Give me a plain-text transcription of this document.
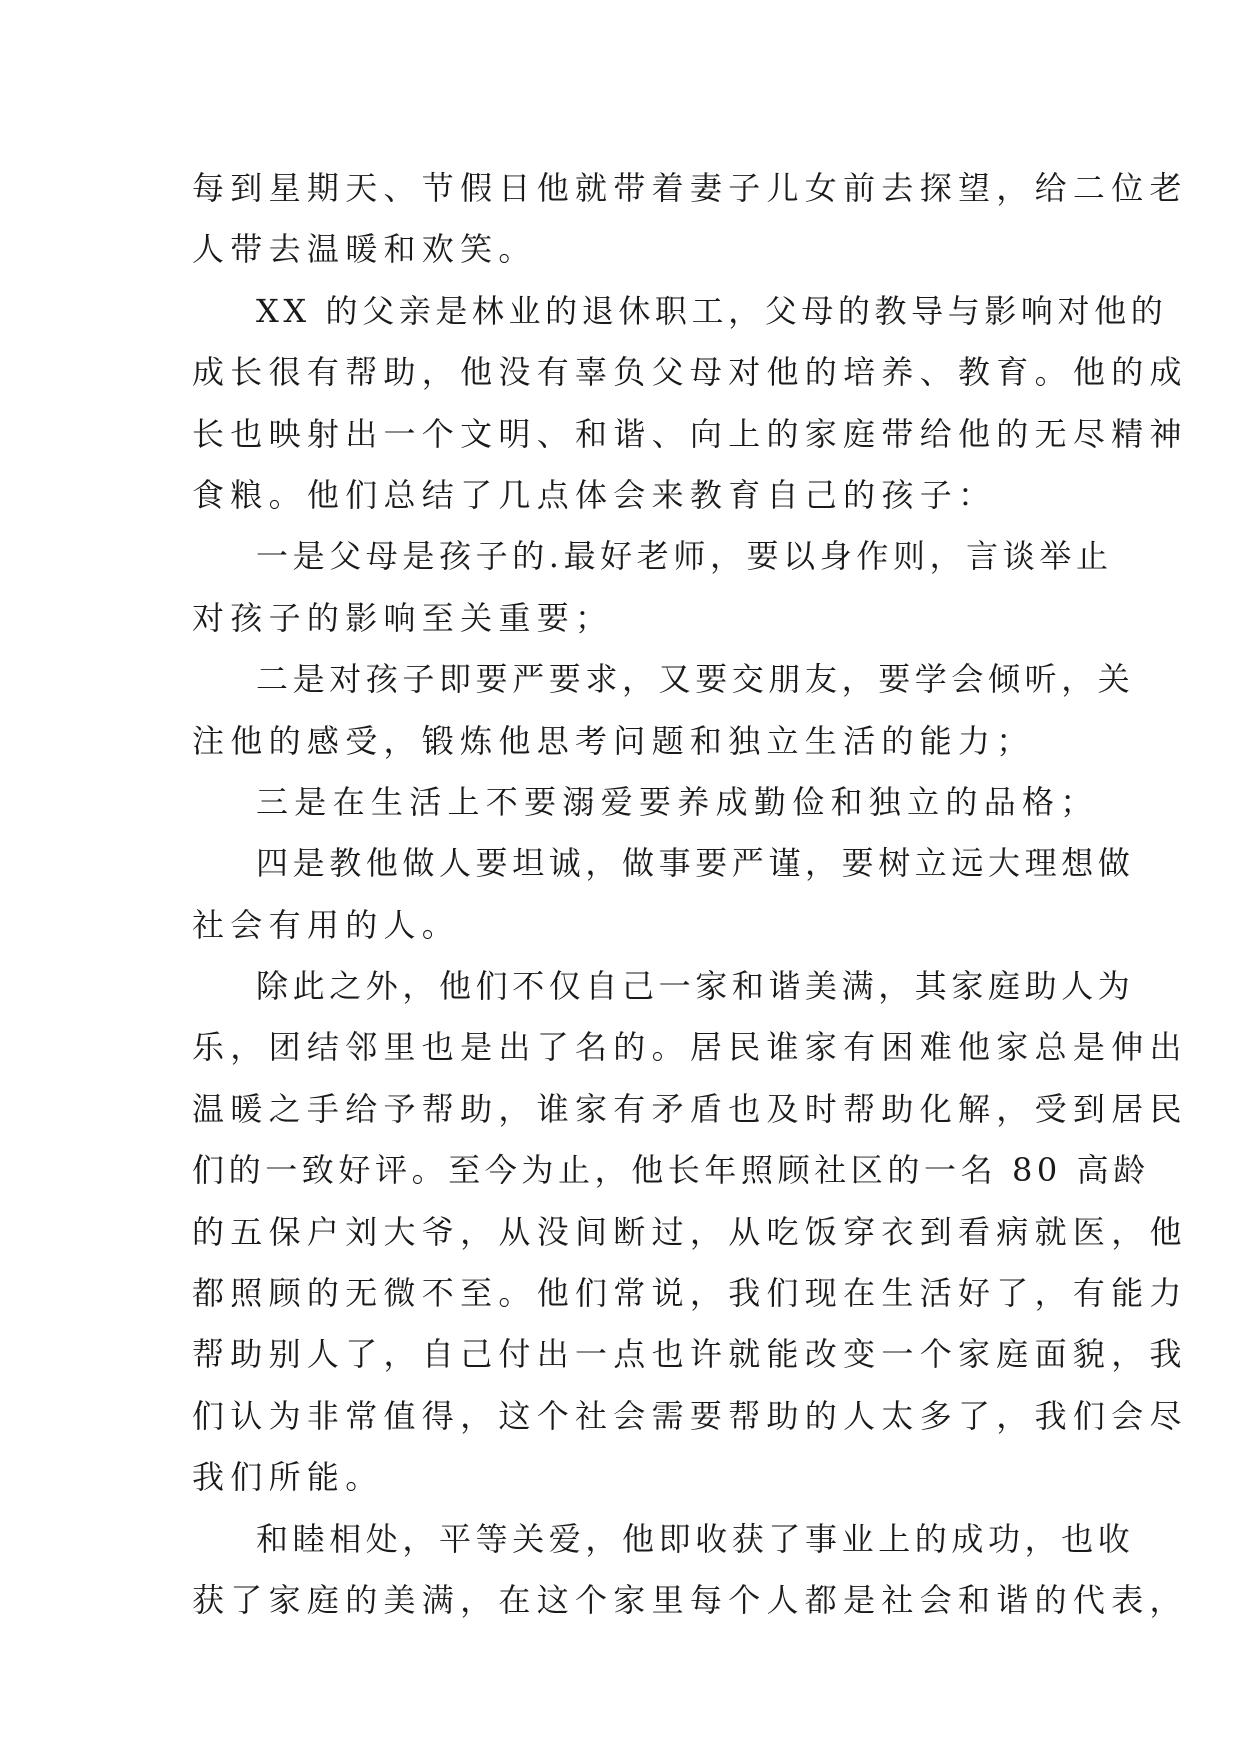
每到星期天、节假日他就带着妻子儿女前去探望，给二位老
人带去温暖和欢笑。
XX 的父亲是林业的退休职工，父母的教导与影响对他的
成长很有帮助，他没有辜负父母对他的培养、教育。他的成
长也映射出一个文明、和谐、向上的家庭带给他的无尽精神
食粮。他们总结了几点体会来教育自己的孩子：
一是父母是孩子的.最好老师，要以身作则，言谈举止
对孩子的影响至关重要；
二是对孩子即要严要求，又要交朋友，要学会倾听，关
注他的感受，锻炼他思考问题和独立生活的能力；
三是在生活上不要溺爱要养成勤俭和独立的品格；
四是教他做人要坦诚，做事要严谨，要树立远大理想做
社会有用的人。
除此之外，他们不仅自己一家和谐美满，其家庭助人为
乐，团结邻里也是出了名的。居民谁家有困难他家总是伸出
温暖之手给予帮助，谁家有矛盾也及时帮助化解，受到居民
们的一致好评。至今为止，他长年照顾社区的一名 80 高龄
的五保户刘大爷，从没间断过，从吃饭穿衣到看病就医，他
都照顾的无微不至。他们常说，我们现在生活好了，有能力
帮助别人了，自己付出一点也许就能改变一个家庭面貌，我
们认为非常值得，这个社会需要帮助的人太多了，我们会尽
我们所能。
和睦相处，平等关爱，他即收获了事业上的成功，也收
获了家庭的美满，在这个家里每个人都是社会和谐的代表，
